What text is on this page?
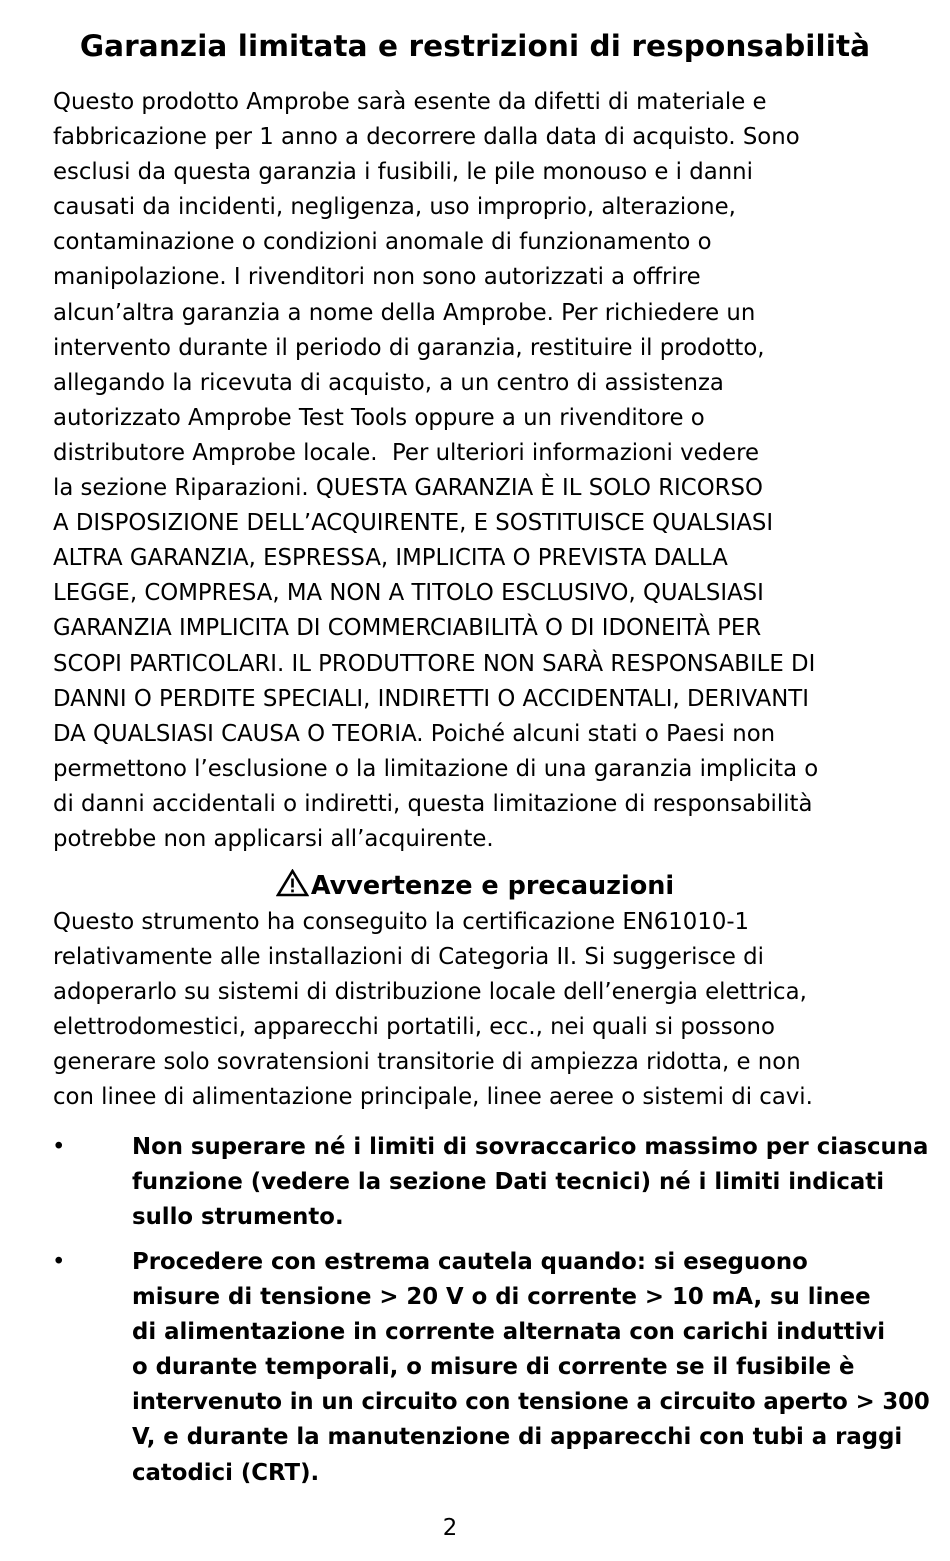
Garanzia limitata e restrizioni di responsabilità

Questo prodotto Amprobe sarà esente da difetti di materiale e
fabbricazione per 1 anno a decorrere dalla data di acquisto. Sono
esclusi da questa garanzia i fusibili, le pile monouso e i danni
causati da incidenti, negligenza, uso improprio, alterazione,
contaminazione o condizioni anomale di funzionamento o
manipolazione. I rivenditori non sono autorizzati a offrire
alcun’altra garanzia a nome della Amprobe. Per richiedere un
intervento durante il periodo di garanzia, restituire il prodotto,
allegando la ricevuta di acquisto, a un centro di assistenza
autorizzato Amprobe Test Tools oppure a un rivenditore o
distributore Amprobe locale.  Per ulteriori informazioni vedere
la sezione Riparazioni. QUESTA GARANZIA È IL SOLO RICORSO
A DISPOSIZIONE DELL’ACQUIRENTE, E SOSTITUISCE QUALSIASI
ALTRA GARANZIA, ESPRESSA, IMPLICITA O PREVISTA DALLA
LEGGE, COMPRESA, MA NON A TITOLO ESCLUSIVO, QUALSIASI
GARANZIA IMPLICITA DI COMMERCIABILITÀ O DI IDONEITÀ PER
SCOPI PARTICOLARI. IL PRODUTTORE NON SARÀ RESPONSABILE DI
DANNI O PERDITE SPECIALI, INDIRETTI O ACCIDENTALI, DERIVANTI
DA QUALSIASI CAUSA O TEORIA. Poiché alcuni stati o Paesi non
permettono l’esclusione o la limitazione di una garanzia implicita o
di danni accidentali o indiretti, questa limitazione di responsabilità
potrebbe non applicarsi all’acquirente.

Avvertenze e precauzioni

Questo strumento ha conseguito la certificazione EN61010-1
relativamente alle installazioni di Categoria II. Si suggerisce di
adoperarlo su sistemi di distribuzione locale dell’energia elettrica,
elettrodomestici, apparecchi portatili, ecc., nei quali si possono
generare solo sovratensioni transitorie di ampiezza ridotta, e non
con linee di alimentazione principale, linee aeree o sistemi di cavi.

•	Non superare né i limiti di sovraccarico massimo per ciascuna
funzione (vedere la sezione Dati tecnici) né i limiti indicati
sullo strumento.

•	Procedere con estrema cautela quando: si eseguono
misure di tensione > 20 V o di corrente > 10 mA, su linee
di alimentazione in corrente alternata con carichi induttivi
o durante temporali, o misure di corrente se il fusibile è
intervenuto in un circuito con tensione a circuito aperto > 300
V, e durante la manutenzione di apparecchi con tubi a raggi
catodici (CRT).

2
